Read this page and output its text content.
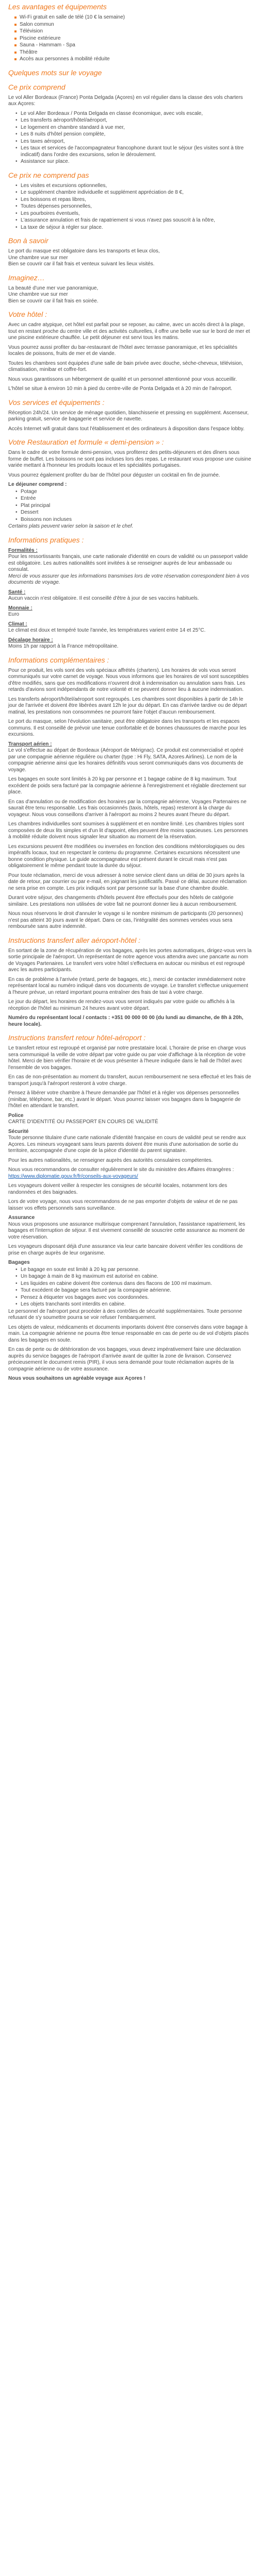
Les avantages et équipements
Wi-Fi gratuit en salle de télé (10 € la semaine)
Salon commun
Télévision
Piscine extérieure
Sauna - Hammam - Spa
Théâtre
Accès aux personnes à mobilité réduite
Quelques mots sur le voyage
Ce prix comprend

Le vol Aller Bordeaux (France) Ponta Delgada (Açores) en vol régulier dans la classe des vols charters aux Açores:

• Le vol Aller Bordeaux / Ponta Delgada en classe économique, avec vols escale,
• Les transferts aéroport/hôtel/aéroport,
• Le logement en chambre standard à vue mer,
• Les 8 nuits d'hôtel pension complète,
• Les taxes aéroport,
• Les taux et services de l'accompagnateur francophone durant tout le séjour (les visites sont à titre indicatif) dans l'ordre des excursions, selon le déroulement.
• Assistance sur place.
Ce prix ne comprend pas
• Les visites et excursions optionnelles,
• Le supplément chambre individuelle et supplément appréciation de 8 €,
• Les boissons et repas libres,
• Toutes dépenses personnelles,
• Les pourboires éventuels,
• L'assurance annulation et frais de rapatriement si vous n'avez pas souscrit à la nôtre,
• La taxe de séjour à régler sur place.
Bon à savoir

Le port du masque est obligatoire dans les transports et lieux clos,

Une chambre vue sur mer

Bien se couvrir car il fait frais et venteux suivant les lieux visités.

Imaginez…

La beauté d'une mer vue panoramique,

Une chambre vue sur mer

Bien se couvrir car il fait frais en soirée.

Votre hôtel :

Avec un cadre atypique, cet hôtel est parfait pour se reposer, au calme, avec un accès direct à la plage, tout en restant proche du centre ville et des activités culturelles, il offre une belle vue sur le bord de mer et une piscine extérieure chauffée. Le petit déjeuner est servi tous les matins.

Vous pourrez aussi profiter du bar-restaurant de l'hôtel avec terrasse panoramique, et les spécialités locales de poissons, fruits de mer et de viande.

Toutes les chambres sont équipées d'une salle de bain privée avec douche, sèche-cheveux, télévision, climatisation, minibar et coffre-fort.

Nous vous garantissons un hébergement de qualité et un personnel attentionné pour vous accueillir.

L'hôtel se situe à environ 10 min à pied du centre-ville de Ponta Delgada et à 20 min de l'aéroport.

Vos services et équipements :

Réception 24h/24. Un service de ménage quotidien, blanchisserie et pressing en supplément. Ascenseur, parking gratuit, service de bagagerie et service de navette.

Accès Internet wifi gratuit dans tout l'établissement et des ordinateurs à disposition dans l'espace lobby.

Votre Restauration et formule « demi-pension » :

Dans le cadre de votre formule demi-pension, vous profiterez des petits-déjeuners et des dîners sous forme de buffet. Les boissons ne sont pas incluses lors des repas. Le restaurant vous propose une cuisine variée mettant à l'honneur les produits locaux et les spécialités portugaises.

Vous pourrez également profiter du bar de l'hôtel pour déguster un cocktail en fin de journée.

Le déjeuner comprend :

• Potage
• Entrée
• Plat principal
• Dessert
• Boissons non incluses

Certains plats peuvent varier selon la saison et le chef.

Informations pratiques :

Formalités :

Pour les ressortissants français, une carte nationale d'identité en cours de validité ou un passeport valide est obligatoire. Les autres nationalités sont invitées à se renseigner auprès de leur ambassade ou consulat.

Merci de vous assurer que les informations transmises lors de votre réservation correspondent bien à vos documents de voyage.

Santé :

Aucun vaccin n'est obligatoire. Il est conseillé d'être à jour de ses vaccins habituels.

Monnaie :

Euro

Climat :

Le climat est doux et tempéré toute l'année, les températures varient entre 14 et 25°C.

Décalage horaire :

Moins 1h par rapport à la France métropolitaine.

Informations complémentaires :

Pour ce produit, les vols sont des vols spéciaux affrétés (charters). Les horaires de vols vous seront communiqués sur votre carnet de voyage. Nous vous informons que les horaires de vol sont susceptibles d'être modifiés, sans que ces modifications n'ouvrent droit à indemnisation ou annulation sans frais. Les retards d'avions sont indépendants de notre volonté et ne peuvent donner lieu à aucune indemnisation.

Les transferts aéroport/hôtel/aéroport sont regroupés. Les chambres sont disponibles à partir de 14h le jour de l'arrivée et doivent être libérées avant 12h le jour du départ. En cas d'arrivée tardive ou de départ matinal, les prestations non consommées ne pourront faire l'objet d'aucun remboursement.

Le port du masque, selon l'évolution sanitaire, peut être obligatoire dans les transports et les espaces communs. Il est conseillé de prévoir une tenue confortable et de bonnes chaussures de marche pour les excursions.

Transport aérien :

Le vol s'effectue au départ de Bordeaux (Aéroport de Mérignac). Ce produit est commercialisé et opéré par une compagnie aérienne régulière ou charter (type : Hi Fly, SATA, Azores Airlines). Le nom de la compagnie aérienne ainsi que les horaires définitifs vous seront communiqués dans vos documents de voyage.

Les bagages en soute sont limités à 20 kg par personne et 1 bagage cabine de 8 kg maximum. Tout excédent de poids sera facturé par la compagnie aérienne à l'enregistrement et réglable directement sur place.

En cas d'annulation ou de modification des horaires par la compagnie aérienne, Voyages Partenaires ne saurait être tenu responsable. Les frais occasionnés (taxis, hôtels, repas) resteront à la charge du voyageur. Nous vous conseillons d'arriver à l'aéroport au moins 2 heures avant l'heure du départ.

Les chambres individuelles sont soumises à supplément et en nombre limité. Les chambres triples sont composées de deux lits simples et d'un lit d'appoint, elles peuvent être moins spacieuses. Les personnes à mobilité réduite doivent nous signaler leur situation au moment de la réservation.

Les excursions peuvent être modifiées ou inversées en fonction des conditions météorologiques ou des impératifs locaux, tout en respectant le contenu du programme. Certaines excursions nécessitent une bonne condition physique. Le guide accompagnateur est présent durant le circuit mais n'est pas obligatoirement le même pendant toute la durée du séjour.

Pour toute réclamation, merci de vous adresser à notre service client dans un délai de 30 jours après la date de retour, par courrier ou par e-mail, en joignant les justificatifs. Passé ce délai, aucune réclamation ne sera prise en compte. Les prix indiqués sont par personne sur la base d'une chambre double.

Durant votre séjour, des changements d'hôtels peuvent être effectués pour des hôtels de catégorie similaire. Les prestations non utilisées de votre fait ne pourront donner lieu à aucun remboursement.

Nous nous réservons le droit d'annuler le voyage si le nombre minimum de participants (20 personnes) n'est pas atteint 30 jours avant le départ. Dans ce cas, l'intégralité des sommes versées vous sera remboursée sans autre indemnité.

Instructions transfert aller aéroport-hôtel :

En sortant de la zone de récupération de vos bagages, après les portes automatiques, dirigez-vous vers la sortie principale de l'aéroport. Un représentant de notre agence vous attendra avec une pancarte au nom de Voyages Partenaires. Le transfert vers votre hôtel s'effectuera en autocar ou minibus et est regroupé avec les autres participants.

En cas de problème à l'arrivée (retard, perte de bagages, etc.), merci de contacter immédiatement notre représentant local au numéro indiqué dans vos documents de voyage. Le transfert s'effectue uniquement à l'heure prévue, un retard important pourra entraîner des frais de taxi à votre charge.

Le jour du départ, les horaires de rendez-vous vous seront indiqués par votre guide ou affichés à la réception de l'hôtel au minimum 24 heures avant votre départ.

Numéro du représentant local / contacts : +351 00 000 00 00 (du lundi au dimanche, de 8h à 20h, heure locale).

Instructions transfert retour hôtel-aéroport :

Le transfert retour est regroupé et organisé par notre prestataire local. L'horaire de prise en charge vous sera communiqué la veille de votre départ par votre guide ou par voie d'affichage à la réception de votre hôtel. Merci de bien vérifier l'horaire et de vous présenter à l'heure indiquée dans le hall de l'hôtel avec l'ensemble de vos bagages.

En cas de non-présentation au moment du transfert, aucun remboursement ne sera effectué et les frais de transport jusqu'à l'aéroport resteront à votre charge.

Pensez à libérer votre chambre à l'heure demandée par l'hôtel et à régler vos dépenses personnelles (minibar, téléphone, bar, etc.) avant le départ. Vous pourrez laisser vos bagages dans la bagagerie de l'hôtel en attendant le transfert.

Police

CARTE D'IDENTITÉ OU PASSEPORT EN COURS DE VALIDITÉ

Sécurité

Toute personne titulaire d'une carte nationale d'identité française en cours de validité peut se rendre aux Açores. Les mineurs voyageant sans leurs parents doivent être munis d'une autorisation de sortie du territoire, accompagnée d'une copie de la pièce d'identité du parent signataire.

Pour les autres nationalités, se renseigner auprès des autorités consulaires compétentes.

Nous vous recommandons de consulter régulièrement le site du ministère des Affaires étrangères :

https://www.diplomatie.gouv.fr/fr/conseils-aux-voyageurs/

Les voyageurs doivent veiller à respecter les consignes de sécurité locales, notamment lors des randonnées et des baignades.

Lors de votre voyage, nous vous recommandons de ne pas emporter d'objets de valeur et de ne pas laisser vos effets personnels sans surveillance.

Assurance

Nous vous proposons une assurance multirisque comprenant l'annulation, l'assistance rapatriement, les bagages et l'interruption de séjour. Il est vivement conseillé de souscrire cette assurance au moment de votre réservation.

Les voyageurs disposant déjà d'une assurance via leur carte bancaire doivent vérifier les conditions de prise en charge auprès de leur organisme.

Bagages

• Le bagage en soute est limité à 20 kg par personne.
• Un bagage à main de 8 kg maximum est autorisé en cabine.
• Les liquides en cabine doivent être contenus dans des flacons de 100 ml maximum.
• Tout excédent de bagage sera facturé par la compagnie aérienne.
• Pensez à étiqueter vos bagages avec vos coordonnées.
• Les objets tranchants sont interdits en cabine.

Le personnel de l'aéroport peut procéder à des contrôles de sécurité supplémentaires. Toute personne refusant de s'y soumettre pourra se voir refuser l'embarquement.

Les objets de valeur, médicaments et documents importants doivent être conservés dans votre bagage à main. La compagnie aérienne ne pourra être tenue responsable en cas de perte ou de vol d'objets placés dans les bagages en soute.

En cas de perte ou de détérioration de vos bagages, vous devez impérativement faire une déclaration auprès du service bagages de l'aéroport d'arrivée avant de quitter la zone de livraison. Conservez précieusement le document remis (PIR), il vous sera demandé pour toute réclamation auprès de la compagnie aérienne ou de votre assurance.

Nous vous souhaitons un agréable voyage aux Açores !
